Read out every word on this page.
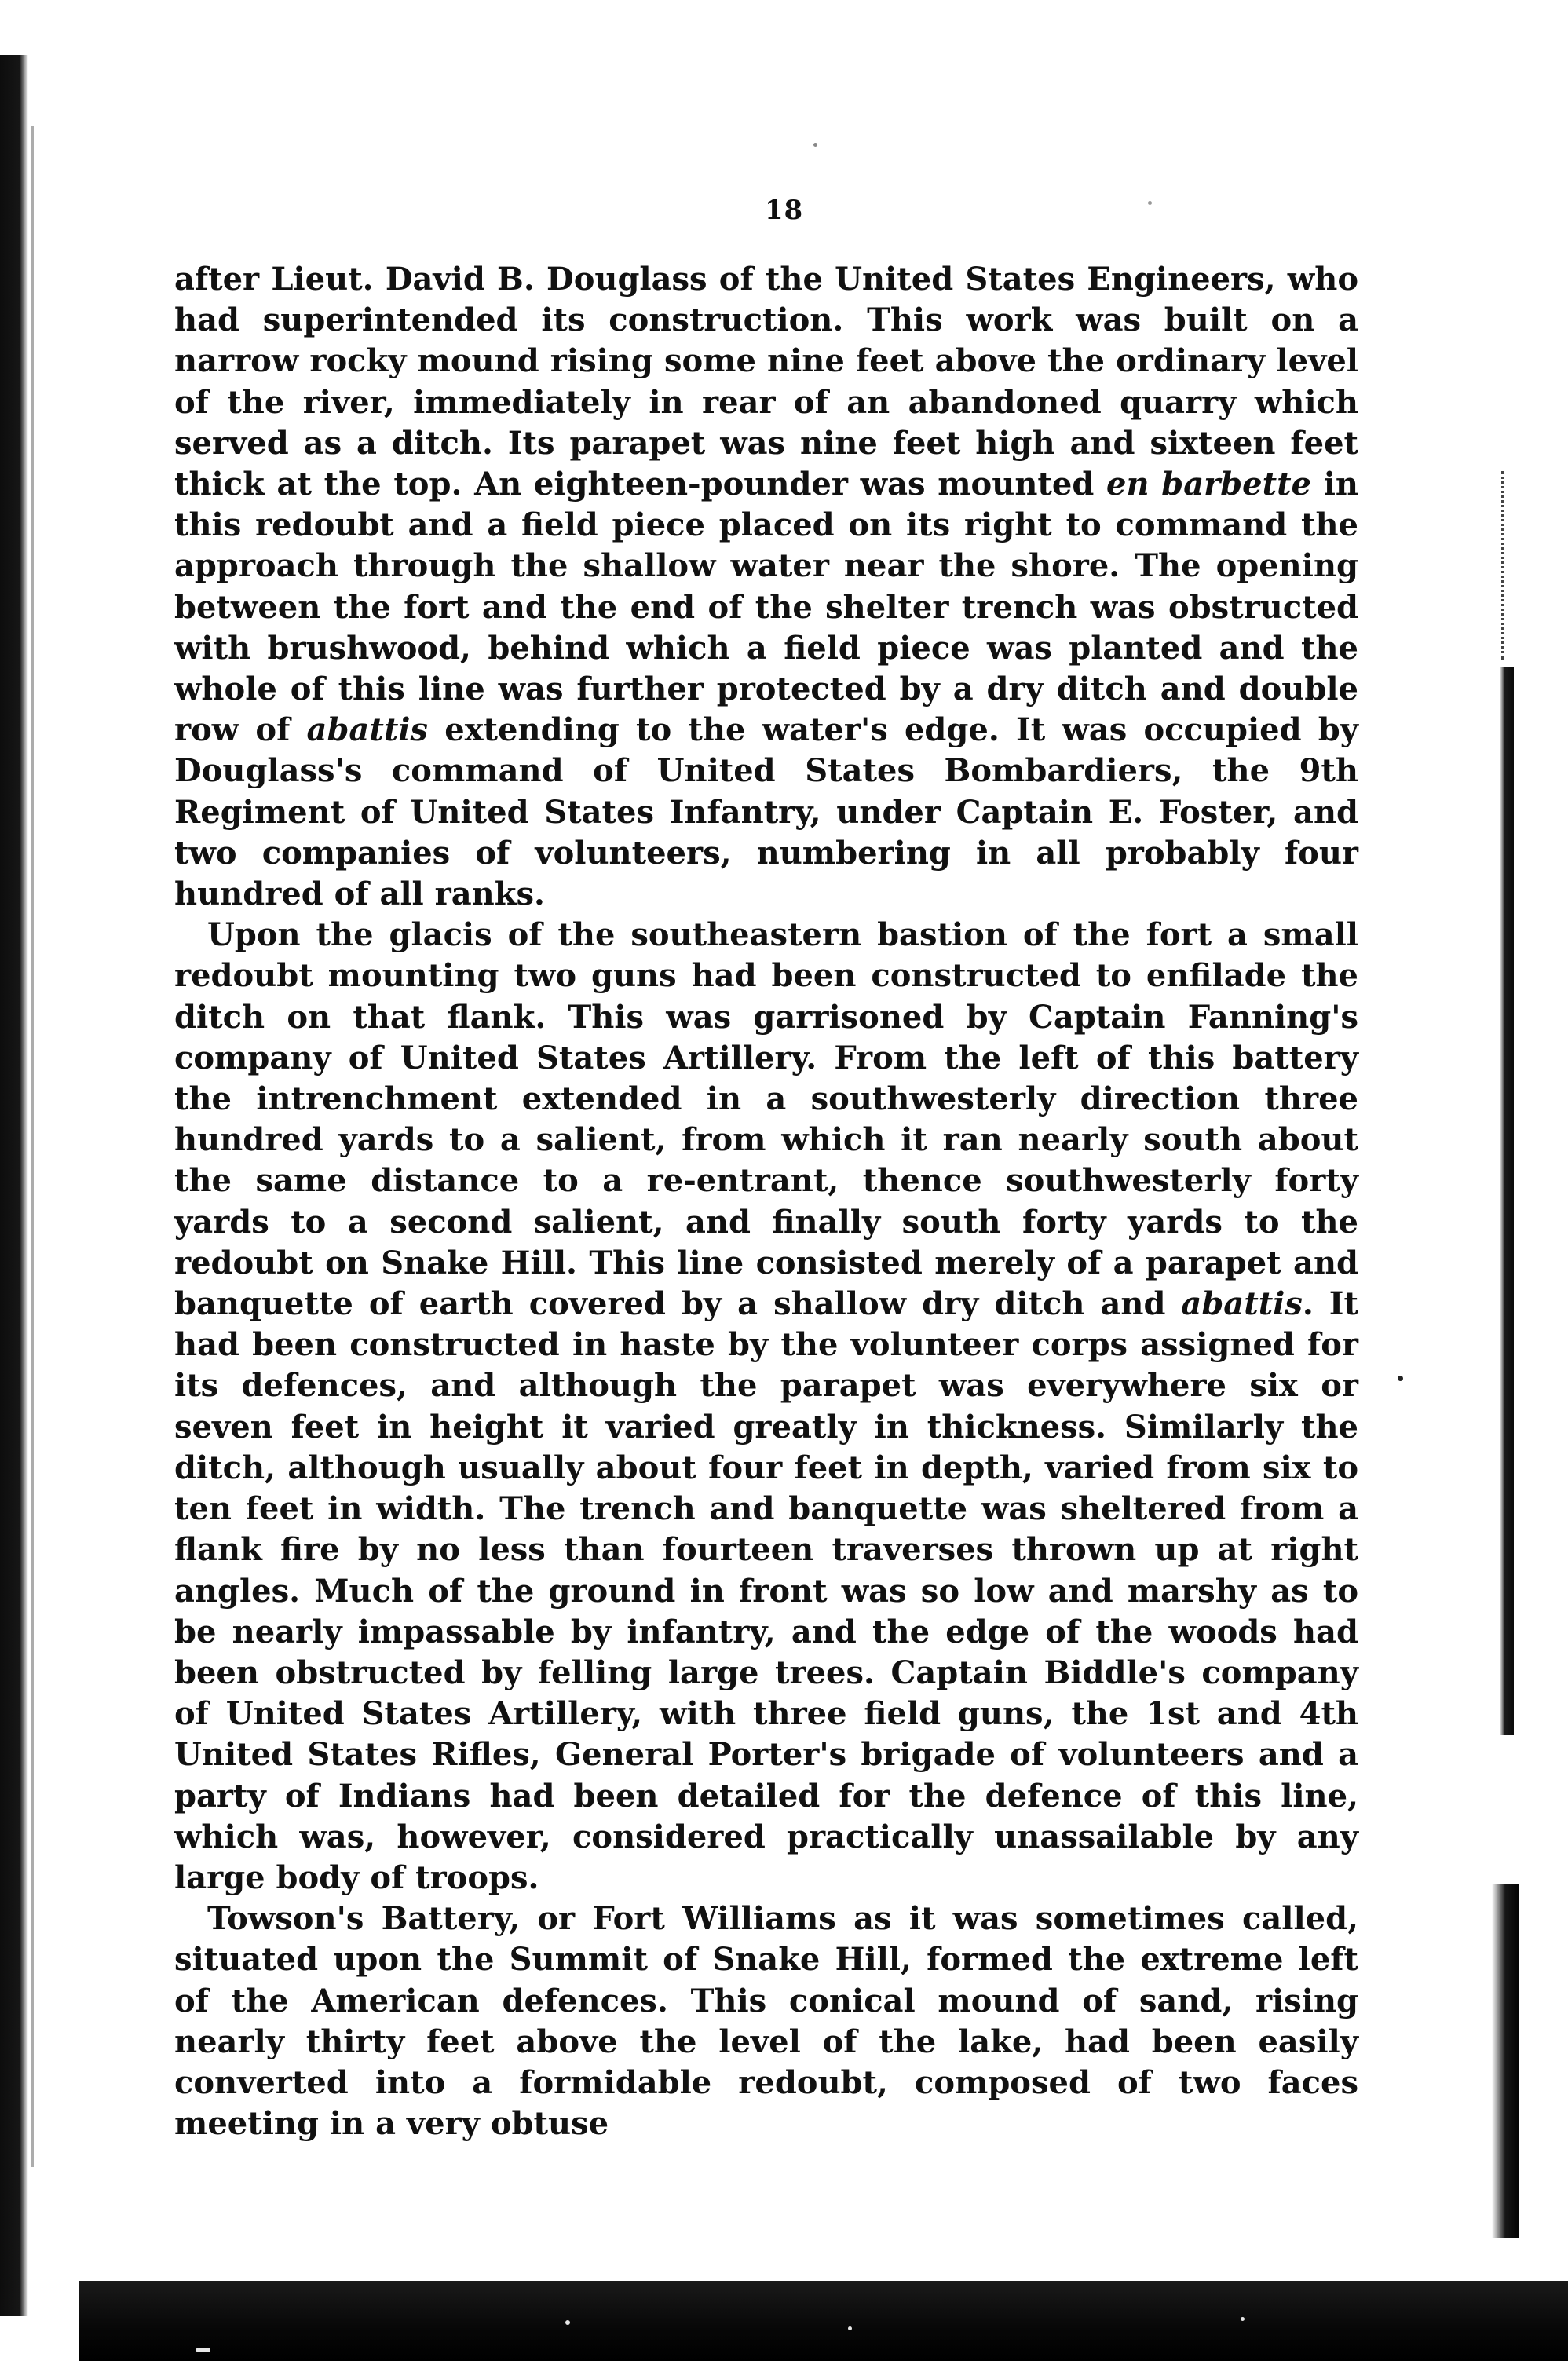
18

after Lieut. David B. Douglass of the United States Engineers, who had superintended its construction. This work was built on a narrow rocky mound rising some nine feet above the ordinary level of the river, immediately in rear of an abandoned quarry which served as a ditch. Its parapet was nine feet high and sixteen feet thick at the top. An eighteen-pounder was mounted en barbette in this redoubt and a field piece placed on its right to command the approach through the shallow water near the shore. The opening between the fort and the end of the shelter trench was obstructed with brushwood, behind which a field piece was planted and the whole of this line was further protected by a dry ditch and double row of abattis extending to the water's edge. It was occupied by Douglass's command of United States Bombardiers, the 9th Regiment of United States Infantry, under Captain E. Foster, and two companies of volunteers, numbering in all probably four hundred of all ranks.

Upon the glacis of the southeastern bastion of the fort a small redoubt mounting two guns had been constructed to enfilade the ditch on that flank. This was garrisoned by Captain Fanning's company of United States Artillery. From the left of this battery the intrenchment extended in a southwesterly direction three hundred yards to a salient, from which it ran nearly south about the same distance to a re-entrant, thence southwesterly forty yards to a second salient, and finally south forty yards to the redoubt on Snake Hill. This line consisted merely of a parapet and banquette of earth covered by a shallow dry ditch and abattis. It had been constructed in haste by the volunteer corps assigned for its defences, and although the parapet was everywhere six or seven feet in height it varied greatly in thickness. Similarly the ditch, although usually about four feet in depth, varied from six to ten feet in width. The trench and banquette was sheltered from a flank fire by no less than fourteen traverses thrown up at right angles. Much of the ground in front was so low and marshy as to be nearly impassable by infantry, and the edge of the woods had been obstructed by felling large trees. Captain Biddle's company of United States Artillery, with three field guns, the 1st and 4th United States Rifles, General Porter's brigade of volunteers and a party of Indians had been detailed for the defence of this line, which was, however, considered practically unassailable by any large body of troops.

Towson's Battery, or Fort Williams as it was sometimes called, situated upon the Summit of Snake Hill, formed the extreme left of the American defences. This conical mound of sand, rising nearly thirty feet above the level of the lake, had been easily converted into a formidable redoubt, composed of two faces meeting in a very obtuse
